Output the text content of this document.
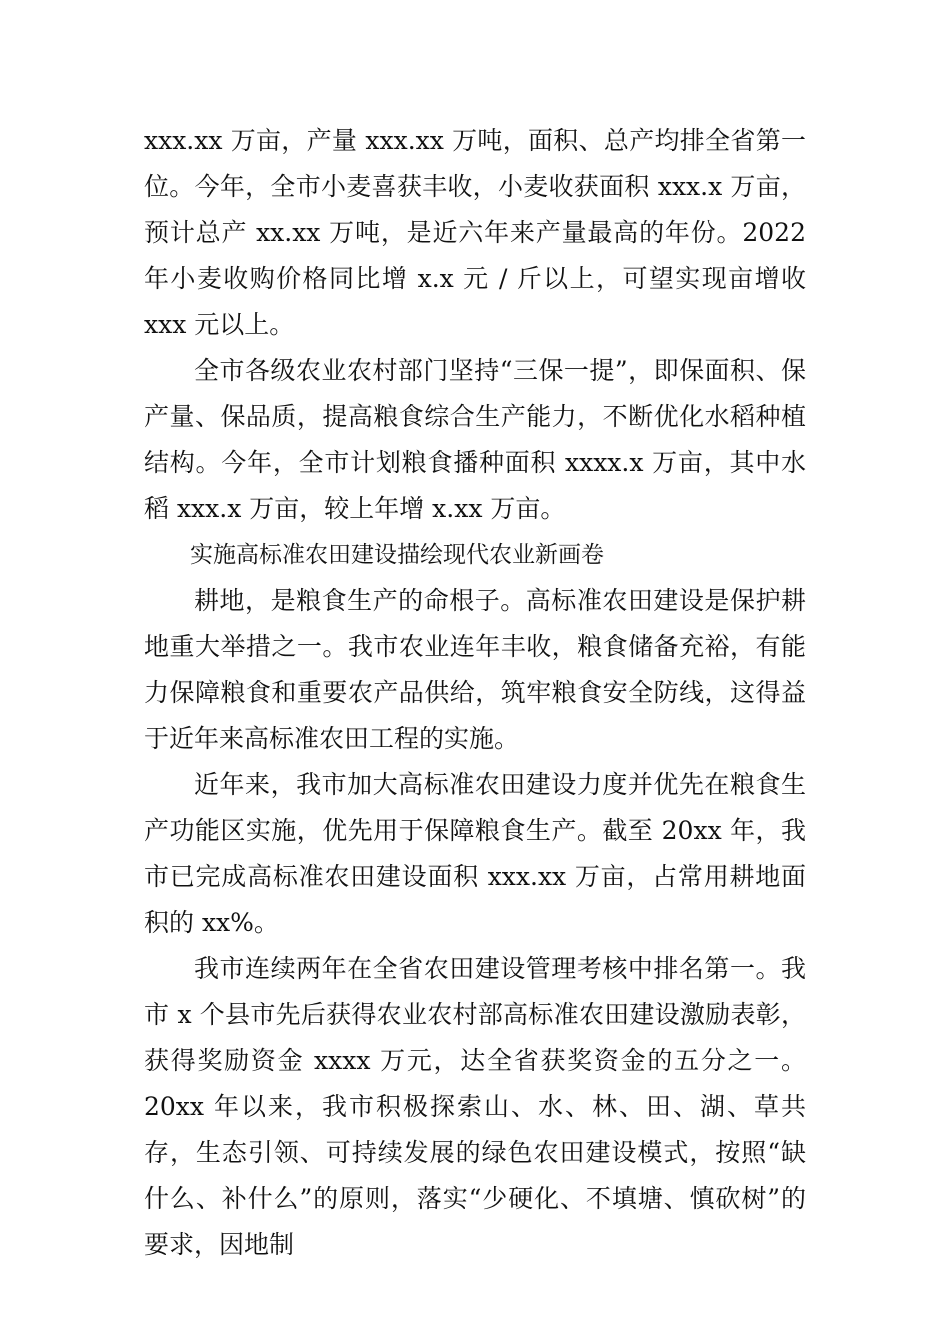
xxx.xx 万亩，产量 xxx.xx 万吨，面积、总产均排全省第一位。今年，全市小麦喜获丰收，小麦收获面积 xxx.x 万亩，预计总产 xx.xx 万吨，是近六年来产量最高的年份。2022 年小麦收购价格同比增 x.x 元 / 斤以上，可望实现亩增收 xxx 元以上。

全市各级农业农村部门坚持“三保一提”，即保面积、保产量、保品质，提高粮食综合生产能力，不断优化水稻种植结构。今年，全市计划粮食播种面积 xxxx.x 万亩，其中水稻 xxx.x 万亩，较上年增 x.xx 万亩。

实施高标准农田建设描绘现代农业新画卷

耕地，是粮食生产的命根子。高标准农田建设是保护耕地重大举措之一。我市农业连年丰收，粮食储备充裕，有能力保障粮食和重要农产品供给，筑牢粮食安全防线，这得益于近年来高标准农田工程的实施。

近年来，我市加大高标准农田建设力度并优先在粮食生产功能区实施，优先用于保障粮食生产。截至 20xx 年，我市已完成高标准农田建设面积 xxx.xx 万亩，占常用耕地面积的 xx%。

我市连续两年在全省农田建设管理考核中排名第一。我市 x 个县市先后获得农业农村部高标准农田建设激励表彰，获得奖励资金 xxxx 万元，达全省获奖资金的五分之一。20xx 年以来，我市积极探索山、水、林、田、湖、草共存，生态引领、可持续发展的绿色农田建设模式，按照“缺什么、补什么”的原则，落实“少硬化、不填塘、慎砍树”的要求，因地制
